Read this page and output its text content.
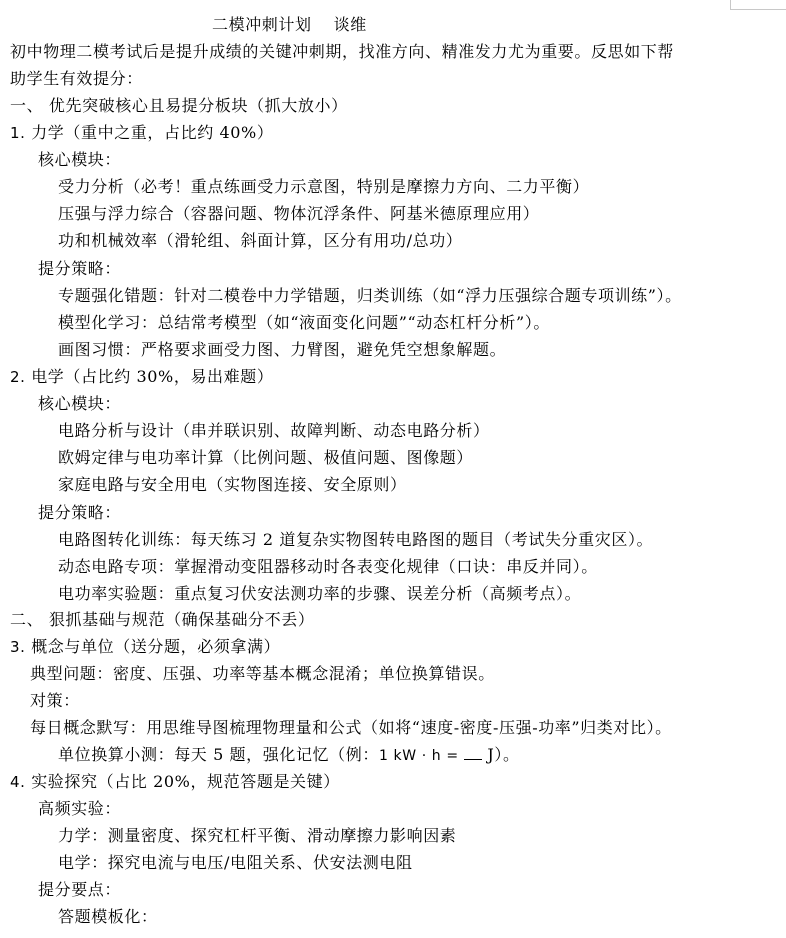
二模冲刺计划 谈维
初中物理二模考试后是提升成绩的关键冲刺期，找准方向、精准发力尤为重要。反思如下帮
助学生有效提分：
一、 优先突破核心且易提分板块（抓大放小）
1. 力学（重中之重，占比约 40%）
核心模块：
受力分析（必考！重点练画受力示意图，特别是摩擦力方向、二力平衡）
压强与浮力综合（容器问题、物体沉浮条件、阿基米德原理应用）
功和机械效率（滑轮组、斜面计算，区分有用功/总功）
提分策略：
专题强化错题：针对二模卷中力学错题，归类训练（如“浮力压强综合题专项训练”）。
模型化学习：总结常考模型（如“液面变化问题”“动态杠杆分析”）。
画图习惯：严格要求画受力图、力臂图，避免凭空想象解题。
2. 电学（占比约 30%，易出难题）
核心模块：
电路分析与设计（串并联识别、故障判断、动态电路分析）
欧姆定律与电功率计算（比例问题、极值问题、图像题）
家庭电路与安全用电（实物图连接、安全原则）
提分策略：
电路图转化训练：每天练习 2 道复杂实物图转电路图的题目（考试失分重灾区）。
动态电路专项：掌握滑动变阻器移动时各表变化规律（口诀：串反并同）。
电功率实验题：重点复习伏安法测功率的步骤、误差分析（高频考点）。
二、 狠抓基础与规范（确保基础分不丢）
3. 概念与单位（送分题，必须拿满）
典型问题：密度、压强、功率等基本概念混淆；单位换算错误。
对策：
每日概念默写：用思维导图梳理物理量和公式（如将“速度-密度-压强-功率”归类对比）。
单位换算小测：每天 5 题，强化记忆（例：1 kW · h =  J）。
4. 实验探究（占比 20%，规范答题是关键）
高频实验：
力学：测量密度、探究杠杆平衡、滑动摩擦力影响因素
电学：探究电流与电压/电阻关系、伏安法测电阻
提分要点：
答题模板化：
